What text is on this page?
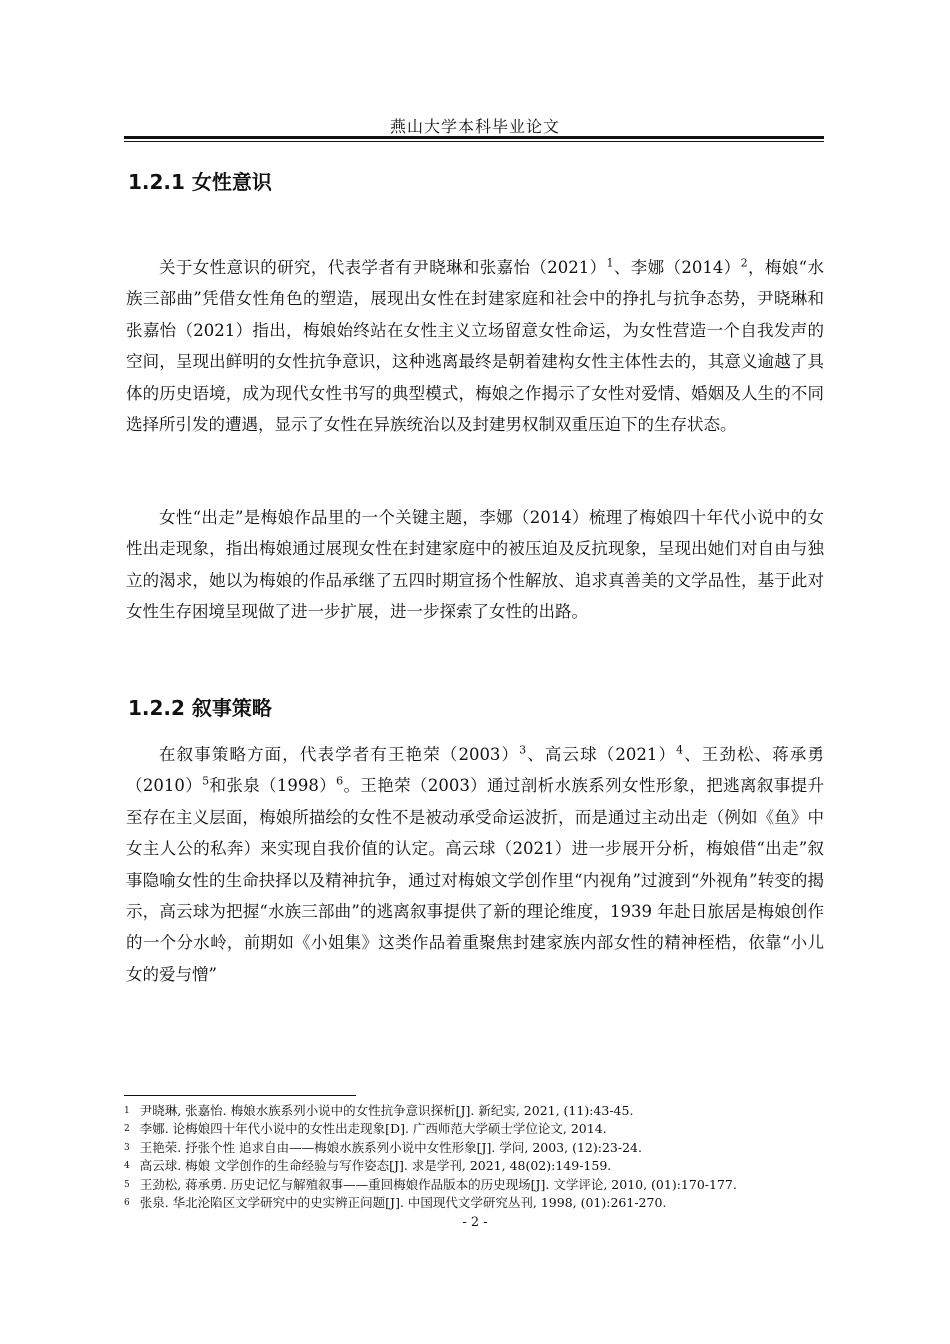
燕山大学本科毕业论文
1.2.1 女性意识

关于女性意识的研究，代表学者有尹晓琳和张嘉怡$(2021)^1$、李娜$(2014)^2$，梅娘“水族三部曲”凭借女性角色的塑造，展现出女性在封建家庭和社会中的挣扎与抗争态势，尹晓琳和张嘉怡（2021）指出，梅娘始终站在女性主义立场留意女性命运，为女性营造一个自我发声的空间，呈现出鲜明的女性抗争意识，这种逃离最终是朝着建构女性主体性去的，其意义逾越了具体的历史语境，成为现代女性书写的典型模式，梅娘之作揭示了女性对爱情、婚姻及人生的不同选择所引发的遭遇，显示了女性在异族统治以及封建男权制双重压迫下的生存状态。

女性“出走”是梅娘作品里的一个关键主题，李娜（2014）梳理了梅娘四十年代小说中的女性出走现象，指出梅娘通过展现女性在封建家庭中的被压迫及反抗现象，呈现出她们对自由与独立的渴求，她以为梅娘的作品承继了五四时期宣扬个性解放、追求真善美的文学品性，基于此对女性生存困境呈现做了进一步扩展，进一步探索了女性的出路。

1.2.2 叙事策略

在叙事策略方面，代表学者有王艳荣$(2003)^3$、高云球$(2021)^4$、王劲松、蒋承勇$(2010)^5$和张泉$(1998)^6$。王艳荣（2003）通过剖析水族系列女性形象，把逃离叙事提升至存在主义层面，梅娘所描绘的女性不是被动承受命运波折，而是通过主动出走（例如《鱼》中女主人公的私奔）来实现自我价值的认定。高云球（2021）进一步展开分析，梅娘借“出走”叙事隐喻女性的生命抉择以及精神抗争，通过对梅娘文学创作里“内视角”过渡到“外视角”转变的揭示，高云球为把握“水族三部曲”的逃离叙事提供了新的理论维度，1939 年赴日旅居是梅娘创作的一个分水岭，前期如《小姐集》这类作品着重聚焦封建家族内部女性的精神桎梏，依靠“小儿女的爱与憎”

$^1$ 尹晓琳, 张嘉怡. 梅娘水族系列小说中的女性抗争意识探析[J]. 新纪实, 2021, (11):43-45.
$^2$ 李娜. 论梅娘四十年代小说中的女性出走现象[D]. 广西师范大学硕士学位论文, 2014.
$^3$ 王艳荣. 抒张个性 追求自由——梅娘水族系列小说中女性形象[J]. 学问, 2003, (12):23-24.
$^4$ 高云球. 梅娘 文学创作的生命经验与写作姿态[J]. 求是学刊, 2021, 48(02):149-159.
$^5$ 王劲松, 蒋承勇. 历史记忆与解殖叙事——重回梅娘作品版本的历史现场[J]. 文学评论, 2010, (01):170-177.
$^6$ 张泉. 华北沦陷区文学研究中的史实辨正问题[J]. 中国现代文学研究丛刊, 1998, (01):261-270.
- 2 -
